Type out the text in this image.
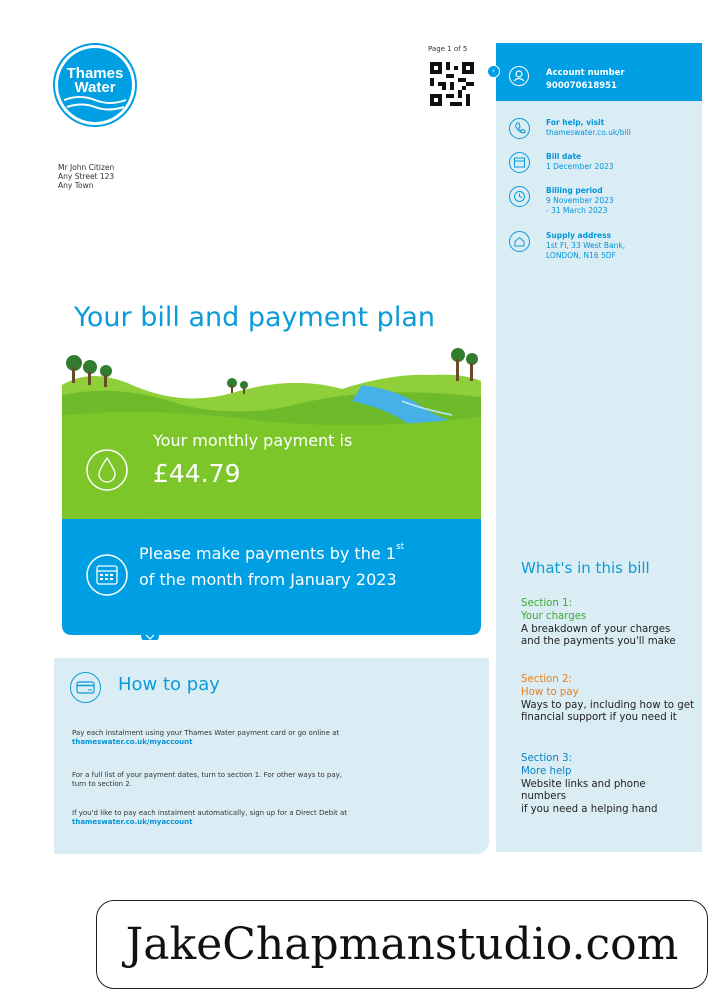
Thames
Water
Mr John Citizen
Any Street 123
Any Town
Page 1 of 5
›	Account number
900070618951
For help, visit
thameswater.co.uk/bill
Bill date
1 December 2023
Billing period
9 November 2023
- 31 March 2023
Supply address
1st Fl, 33 West Bank,
LONDON, N16 5DF
Your bill and payment plan
Your monthly payment is
£44.79
Please make payments by the 1st
of the month from January 2023
How to pay
Pay each instalment using your Thames Water payment card or go online at
thameswater.co.uk/myaccount
For a full list of your payment dates, turn to section 1. For other ways to pay,
turn to section 2.
If you'd like to pay each instalment automatically, sign up for a Direct Debit at
thameswater.co.uk/myaccount
What's in this bill
Section 1:
Your charges
A breakdown of your charges
and the payments you'll make
Section 2:
How to pay
Ways to pay, including how to get
financial support if you need it
Section 3:
More help
Website links and phone
numbers
if you need a helping hand
JakeChapmanstudio.com
